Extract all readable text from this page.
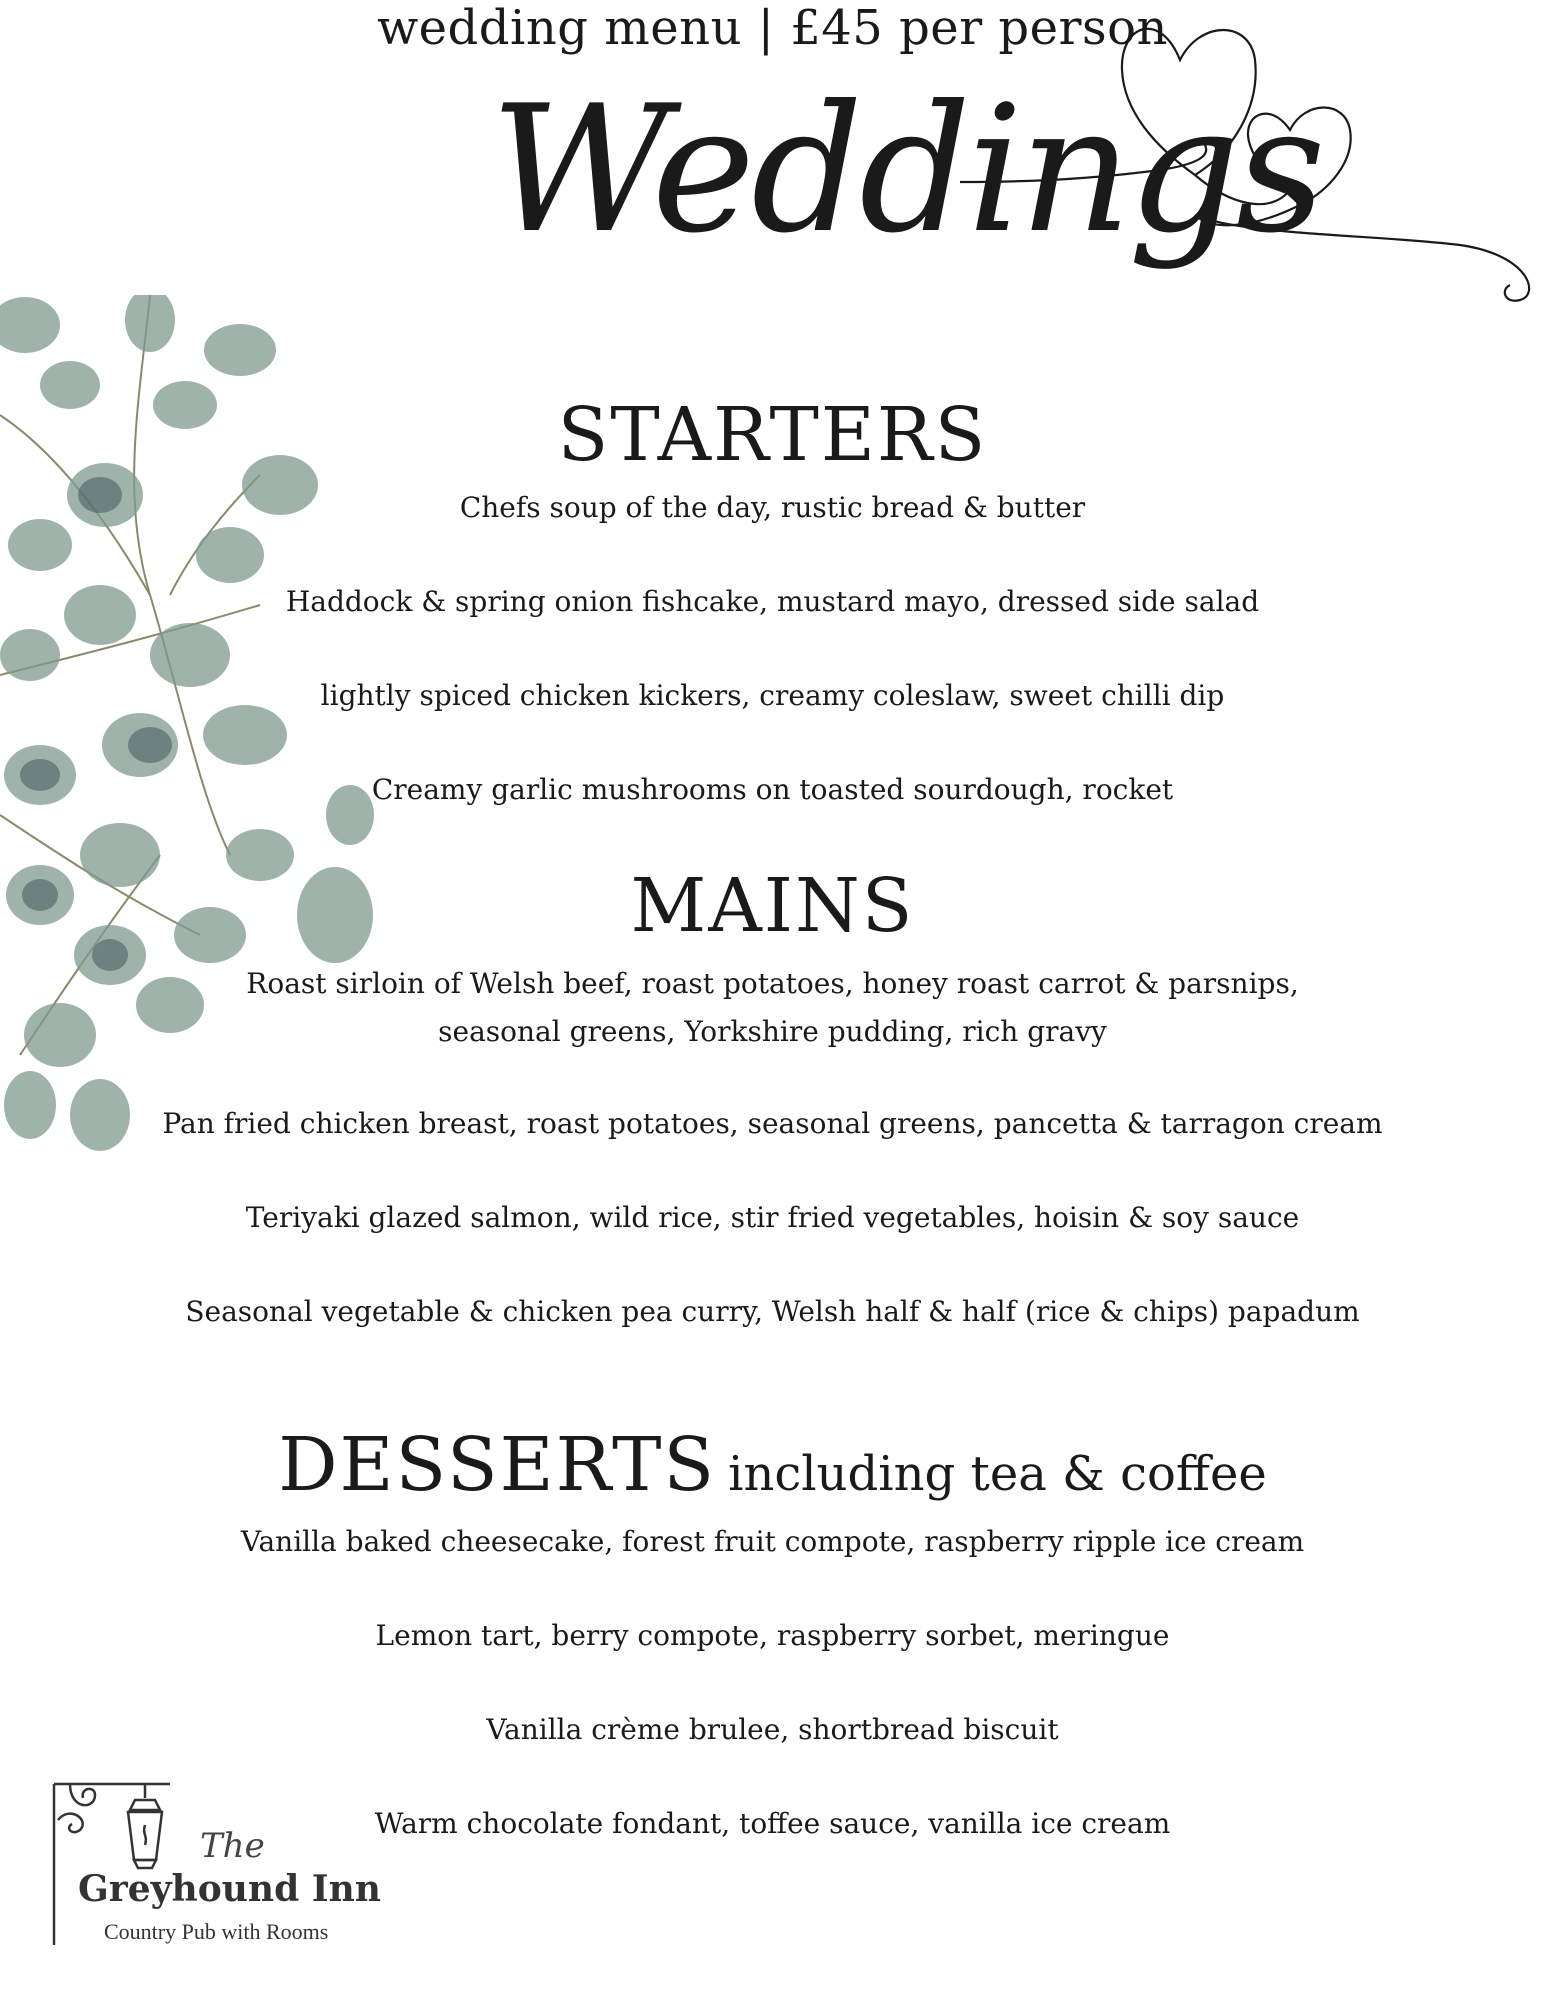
Weddings
wedding menu | £45 per person
STARTERS
Chefs soup of the day, rustic bread & butter
Haddock & spring onion fishcake, mustard mayo, dressed side salad
lightly spiced chicken kickers, creamy coleslaw, sweet chilli dip
Creamy garlic mushrooms on toasted sourdough, rocket
MAINS
Roast sirloin of Welsh beef, roast potatoes, honey roast carrot & parsnips,
seasonal greens, Yorkshire pudding, rich gravy
Pan fried chicken breast, roast potatoes, seasonal greens, pancetta & tarragon cream
Teriyaki glazed salmon, wild rice, stir fried vegetables, hoisin & soy sauce
Seasonal vegetable & chicken pea curry, Welsh half & half (rice & chips) papadum
DESSERTS including tea & coffee
Vanilla baked cheesecake, forest fruit compote, raspberry ripple ice cream
Lemon tart, berry compote, raspberry sorbet, meringue
Vanilla crème brulee, shortbread biscuit
Warm chocolate fondant, toffee sauce, vanilla ice cream
The
Greyhound Inn
Country Pub with Rooms
